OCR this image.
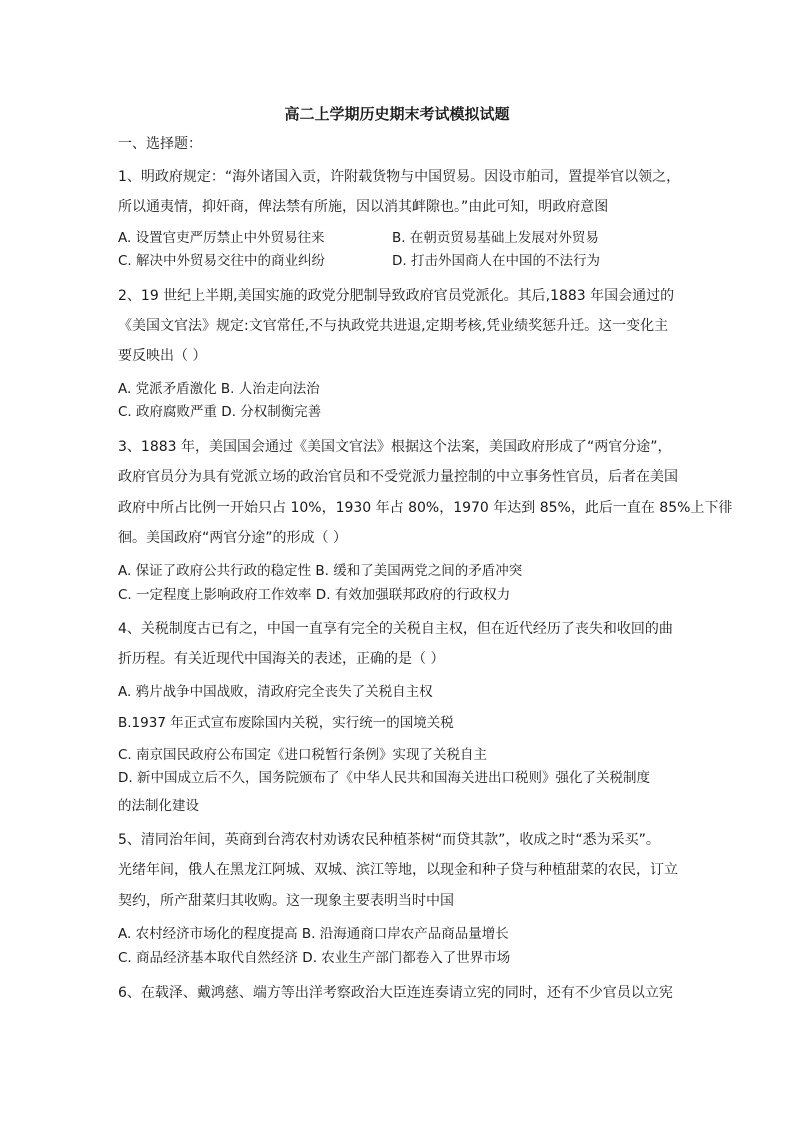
高二上学期历史期末考试模拟试题
一、选择题：
1、明政府规定：“海外诸国入贡，许附载货物与中国贸易。因设市舶司，置提举官以领之，
所以通夷情，抑奸商，俾法禁有所施，因以消其衅隙也。”由此可知，明政府意图
A. 设置官吏严厉禁止中外贸易往来	B. 在朝贡贸易基础上发展对外贸易
C. 解决中外贸易交往中的商业纠纷	D. 打击外国商人在中国的不法行为
2、19 世纪上半期,美国实施的政党分肥制导致政府官员党派化。其后,1883 年国会通过的
《美国文官法》规定:文官常任,不与执政党共进退,定期考核,凭业绩奖惩升迁。这一变化主
要反映出（ ）
A. 党派矛盾激化 B. 人治走向法治
C. 政府腐败严重 D. 分权制衡完善
3、1883 年，美国国会通过《美国文官法》根据这个法案，美国政府形成了“两官分途”，
政府官员分为具有党派立场的政治官员和不受党派力量控制的中立事务性官员，后者在美国
政府中所占比例一开始只占 10%，1930 年占 80%，1970 年达到 85%，此后一直在 85%上下徘
徊。美国政府“两官分途”的形成（ ）
A. 保证了政府公共行政的稳定性 B. 缓和了美国两党之间的矛盾冲突
C. 一定程度上影响政府工作效率 D. 有效加强联邦政府的行政权力
4、关税制度古已有之，中国一直享有完全的关税自主权，但在近代经历了丧失和收回的曲
折历程。有关近现代中国海关的表述，正确的是（ ）
A. 鸦片战争中国战败，清政府完全丧失了关税自主权
B.1937 年正式宣布废除国内关税，实行统一的国境关税
C. 南京国民政府公布国定《进口税暂行条例》实现了关税自主
D. 新中国成立后不久，国务院颁布了《中华人民共和国海关进出口税则》强化了关税制度
的法制化建设
5、清同治年间，英商到台湾农村劝诱农民种植茶树“而贷其款”，收成之时“悉为采买”。
光绪年间，俄人在黑龙江阿城、双城、滨江等地，以现金和种子贷与种植甜菜的农民，订立
契约，所产甜菜归其收购。这一现象主要表明当时中国
A. 农村经济市场化的程度提高 B. 沿海通商口岸农产品商品量增长
C. 商品经济基本取代自然经济 D. 农业生产部门都卷入了世界市场
6、在载泽、戴鸿慈、端方等出洋考察政治大臣连连奏请立宪的同时，还有不少官员以立宪
